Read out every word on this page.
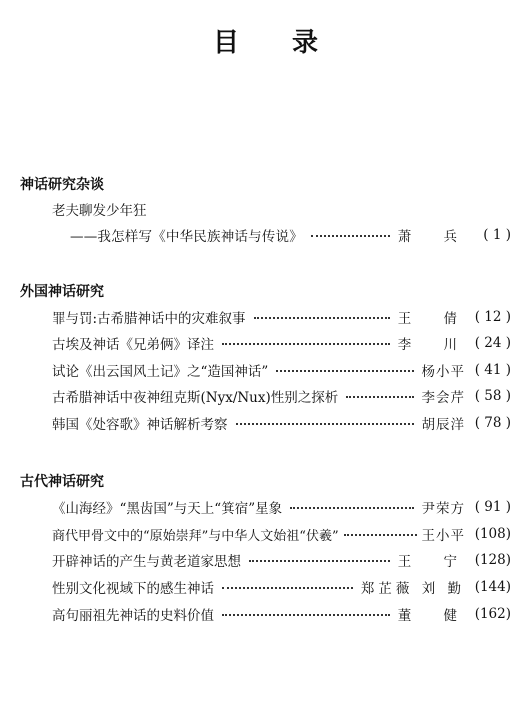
目 录
神话研究杂谈
老夫聊发少年狂
——我怎样写《中华民族神话与传说》	萧 兵 ( 1 )
外国神话研究
罪与罚:古希腊神话中的灾难叙事	王 倩 ( 12 )
古埃及神话《兄弟俩》译注	李 川 ( 24 )
试论《出云国风土记》之“造国神话”	杨小平 ( 41 )
古希腊神话中夜神纽克斯(Nyx/Nux)性别之探析	李会芹 ( 58 )
韩国《处容歌》神话解析考察	胡辰洋 ( 78 )
古代神话研究
《山海经》“黑齿国”与天上“箕宿”星象	尹荣方 ( 91 )
商代甲骨文中的“原始崇拜”与中华人文始祖“伏羲”	王小平 (108)
开辟神话的产生与黄老道家思想	王 宁 (128)
性别文化视域下的感生神话	郑芷薇 刘 勤 (144)
高句丽祖先神话的史料价值	董 健 (162)
